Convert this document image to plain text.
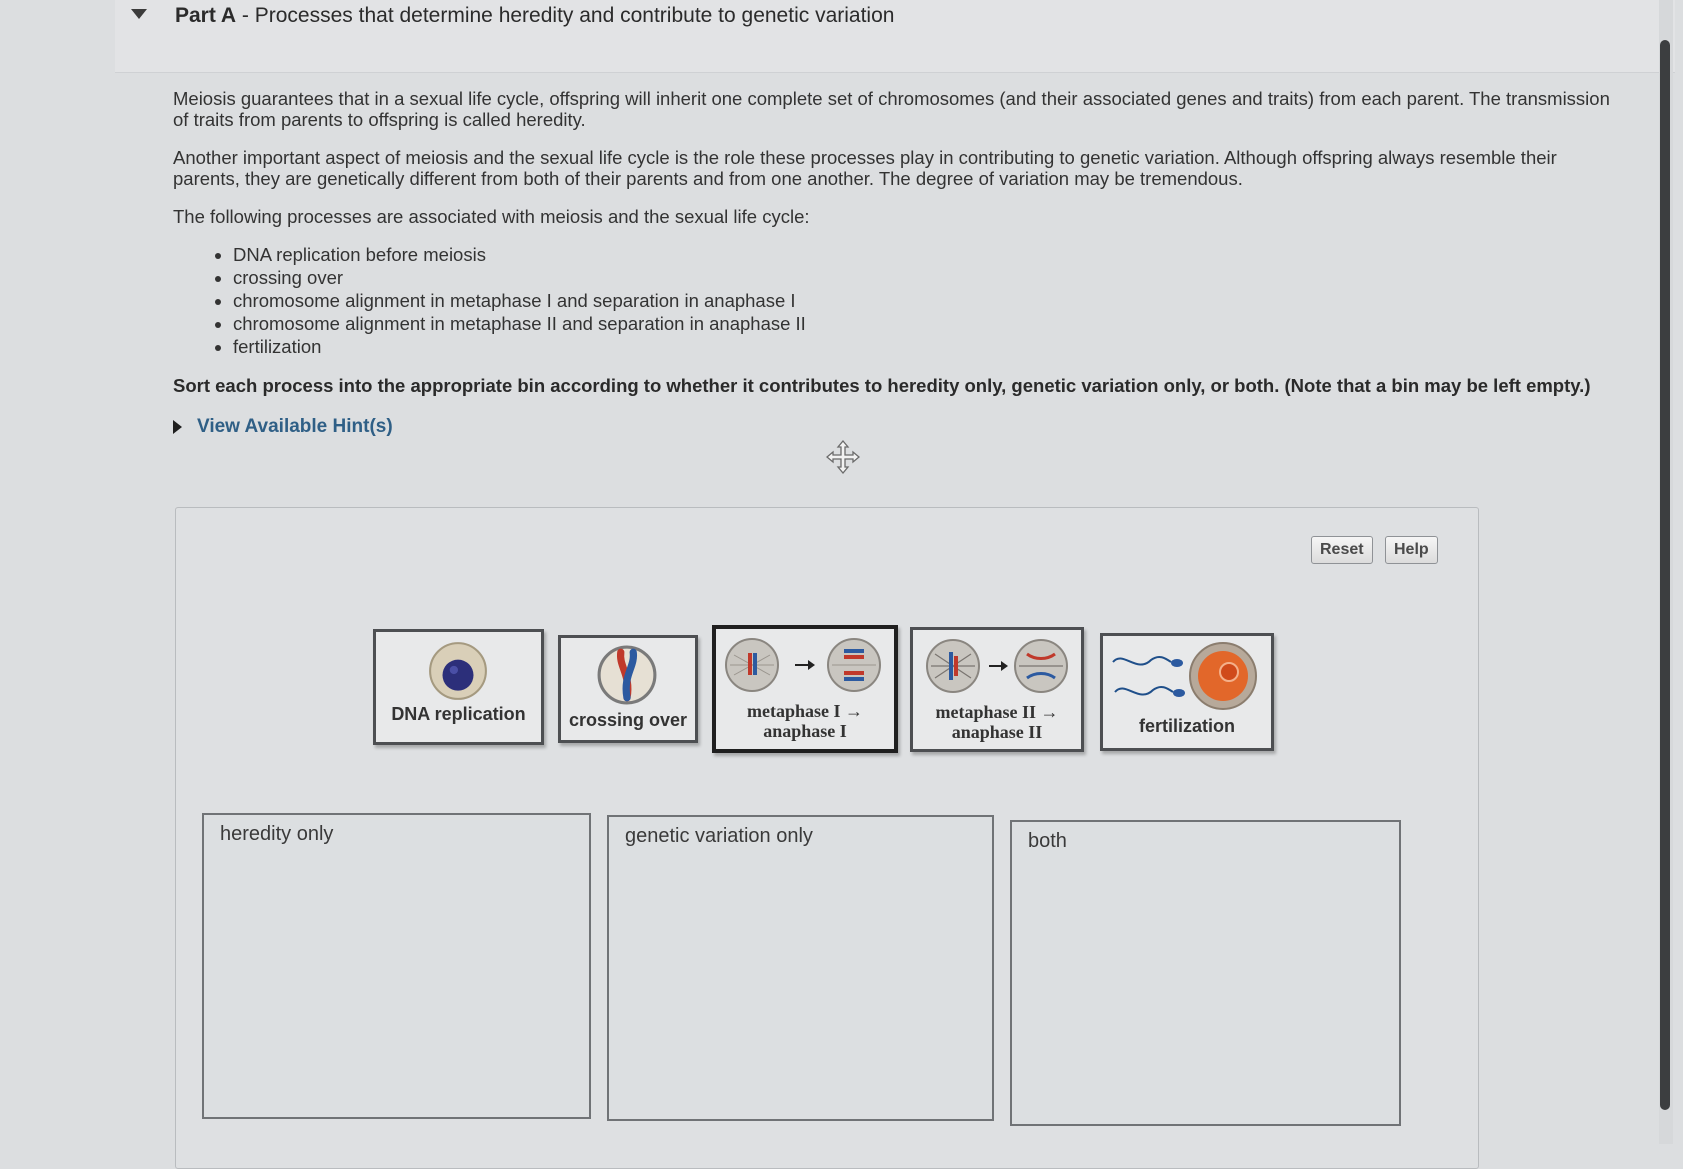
Part A - Processes that determine heredity and contribute to genetic variation

Meiosis guarantees that in a sexual life cycle, offspring will inherit one complete set of chromosomes (and their associated genes and traits) from each parent. The transmission of traits from parents to offspring is called heredity.

Another important aspect of meiosis and the sexual life cycle is the role these processes play in contributing to genetic variation. Although offspring always resemble their parents, they are genetically different from both of their parents and from one another. The degree of variation may be tremendous.

The following processes are associated with meiosis and the sexual life cycle:

• DNA replication before meiosis
• crossing over
• chromosome alignment in metaphase I and separation in anaphase I
• chromosome alignment in metaphase II and separation in anaphase II
• fertilization

Sort each process into the appropriate bin according to whether it contributes to heredity only, genetic variation only, or both. (Note that a bin may be left empty.)

View Available Hint(s)
Reset	Help
DNA replication	crossing over	metaphase I →
anaphase I
metaphase II →
anaphase II	fertilization
heredity only	genetic variation only	both
